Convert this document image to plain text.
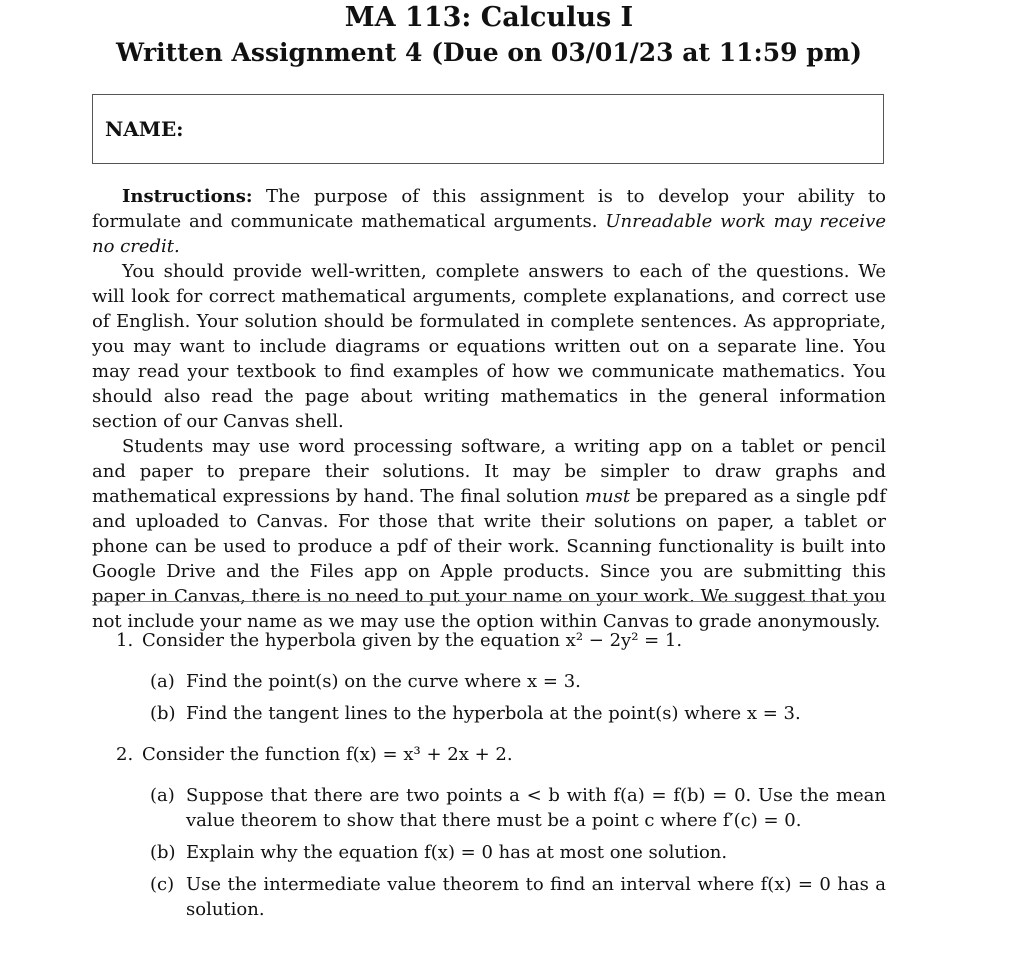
MA 113: Calculus I
Written Assignment 4 (Due on 03/01/23 at 11:59 pm)
NAME:

Instructions: The purpose of this assignment is to develop your ability to formulate and communicate mathematical arguments. Unreadable work may receive no credit.

You should provide well-written, complete answers to each of the questions. We will look for correct mathematical arguments, complete explanations, and correct use of English. Your solution should be formulated in complete sentences. As appropriate, you may want to include diagrams or equations written out on a separate line. You may read your textbook to find examples of how we communicate mathematics. You should also read the page about writing mathematics in the general information section of our Canvas shell.

Students may use word processing software, a writing app on a tablet or pencil and paper to prepare their solutions. It may be simpler to draw graphs and mathematical expressions by hand. The final solution must be prepared as a single pdf and uploaded to Canvas. For those that write their solutions on paper, a tablet or phone can be used to produce a pdf of their work. Scanning functionality is built into Google Drive and the Files app on Apple products. Since you are submitting this paper in Canvas, there is no need to put your name on your work. We suggest that you not include your name as we may use the option within Canvas to grade anonymously.

1. Consider the hyperbola given by the equation x² − 2y² = 1.
(a) Find the point(s) on the curve where x = 3.
(b) Find the tangent lines to the hyperbola at the point(s) where x = 3.
2. Consider the function f(x) = x³ + 2x + 2.
(a) Suppose that there are two points a < b with f(a) = f(b) = 0. Use the mean value theorem to show that there must be a point c where f′(c) = 0.
(b) Explain why the equation f(x) = 0 has at most one solution.
(c) Use the intermediate value theorem to find an interval where f(x) = 0 has a solution.
